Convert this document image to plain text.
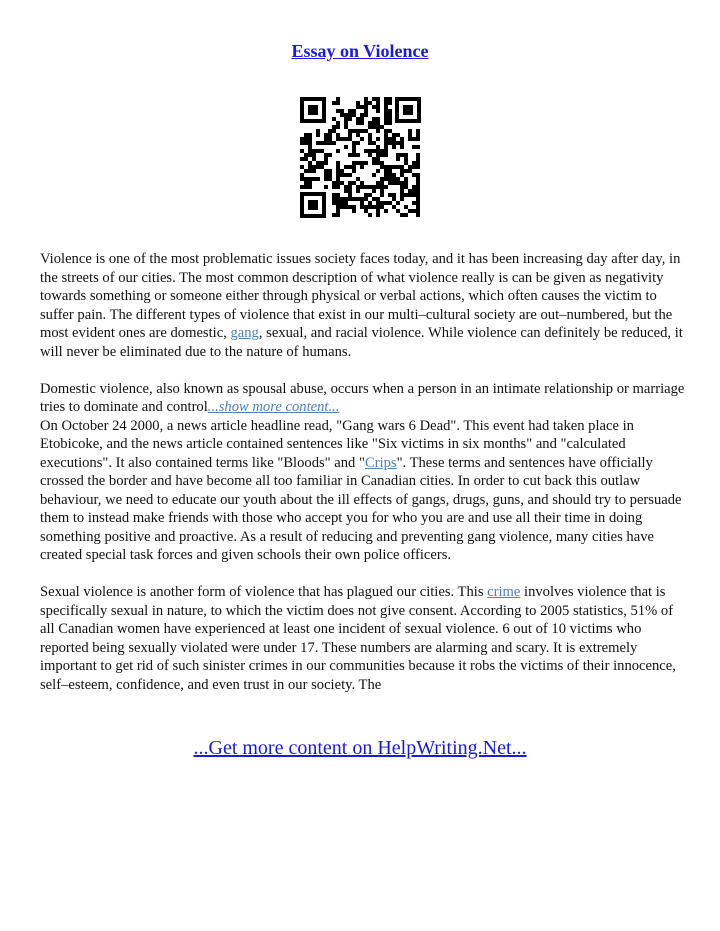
Essay on Violence

Violence is one of the most problematic issues society faces today, and it has been increasing day after day, in the streets of our cities. The most common description of what violence really is can be given as negativity towards something or someone either through physical or verbal actions, which often causes the victim to suffer pain. The different types of violence that exist in our multi–cultural society are out–numbered, but the most evident ones are domestic, gang, sexual, and racial violence. While violence can definitely be reduced, it will never be eliminated due to the nature of humans.

Domestic violence, also known as spousal abuse, occurs when a person in an intimate relationship or marriage tries to dominate and control...show more content...

On October 24 2000, a news article headline read, "Gang wars 6 Dead". This event had taken place in Etobicoke, and the news article contained sentences like "Six victims in six months" and "calculated executions". It also contained terms like "Bloods" and "Crips". These terms and sentences have officially crossed the border and have become all too familiar in Canadian cities. In order to cut back this outlaw behaviour, we need to educate our youth about the ill effects of gangs, drugs, guns, and should try to persuade them to instead make friends with those who accept you for who you are and use all their time in doing something positive and proactive. As a result of reducing and preventing gang violence, many cities have created special task forces and given schools their own police officers.

Sexual violence is another form of violence that has plagued our cities. This crime involves violence that is specifically sexual in nature, to which the victim does not give consent. According to 2005 statistics, 51% of all Canadian women have experienced at least one incident of sexual violence. 6 out of 10 victims who reported being sexually violated were under 17. These numbers are alarming and scary. It is extremely important to get rid of such sinister crimes in our communities because it robs the victims of their innocence, self–esteem, confidence, and even trust in our society. The

...Get more content on HelpWriting.Net...
